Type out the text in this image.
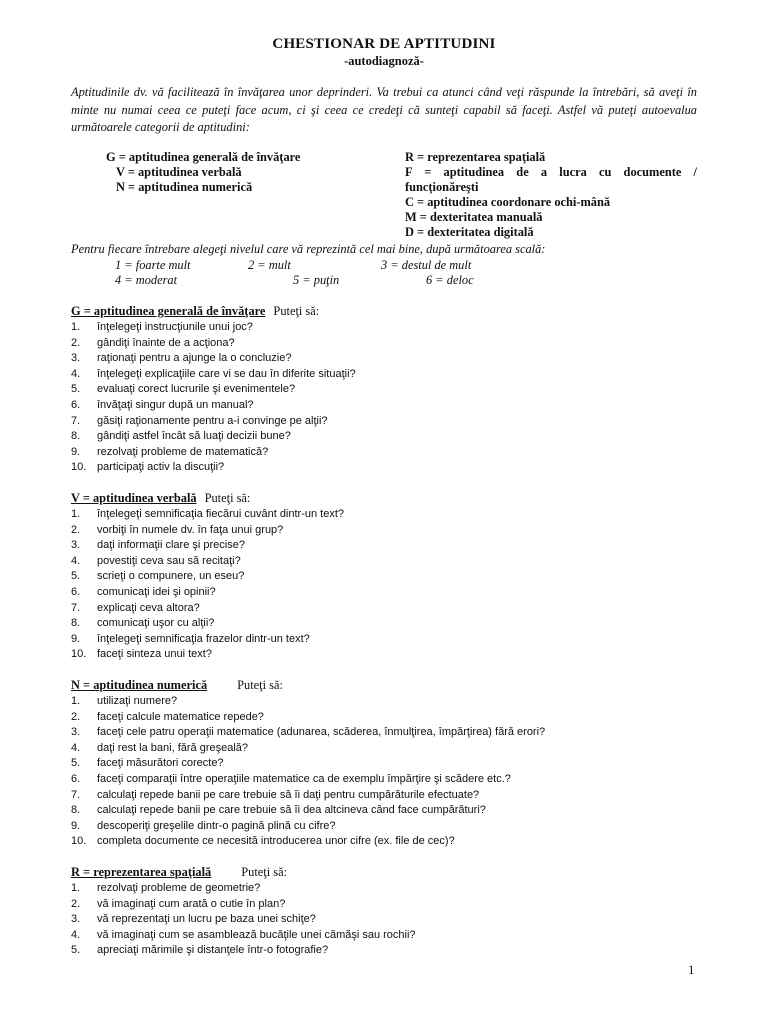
CHESTIONAR DE APTITUDINI
-autodiagnoză-
Aptitudinile dv. vă facilitează în învăţarea unor deprinderi. Va trebui ca atunci când veţi răspunde la întrebări, să aveţi în minte nu numai ceea ce puteţi face acum, ci şi ceea ce credeţi că sunteţi capabil să faceţi. Astfel vă puteţi autoevalua următoarele categorii de aptitudini:
G = aptitudinea generală de învăţare
V = aptitudinea verbală
N = aptitudinea numerică
R = reprezentarea spaţială
F = aptitudinea de a lucra cu documente / funcţionăreşti
C = aptitudinea coordonare ochi-mână
M = dexteritatea manuală
D = dexteritatea digitală
Pentru fiecare întrebare alegeţi nivelul care vă reprezintă cel mai bine, după următoarea scală:
1 = foarte mult	2 = mult	3 = destul de mult
4 = moderat	5 = puţin	6 = deloc
G = aptitudinea generală de învăţare Puteţi să:
1. înţelegeţi instrucţiunile unui joc?
2. gândiţi înainte de a acţiona?
3. raţionaţi pentru a ajunge la o concluzie?
4. înţelegeţi explicaţiile care vi se dau în diferite situaţii?
5. evaluaţi corect lucrurile şi evenimentele?
6. învăţaţi singur după un manual?
7. găsiţi raţionamente pentru a-i convinge pe alţii?
8. gândiţi astfel încât să luaţi decizii bune?
9. rezolvaţi probleme de matematică?
10. participaţi activ la discuţii?
V = aptitudinea verbală Puteţi să:
1. înţelegeţi semnificaţia fiecărui cuvânt dintr-un text?
2. vorbiţi în numele dv. în faţa unui grup?
3. daţi informaţii clare şi precise?
4. povestiţi ceva sau să recitaţi?
5. scrieţi o compunere, un eseu?
6. comunicaţi idei şi opinii?
7. explicaţi ceva altora?
8. comunicaţi uşor cu alţii?
9. înţelegeţi semnificaţia frazelor dintr-un text?
10. faceţi sinteza unui text?
N = aptitudinea numerică Puteţi să:
1. utilizaţi numere?
2. faceţi calcule matematice repede?
3. faceţi cele patru operaţii matematice (adunarea, scăderea, înmulţirea, împărţirea) fără erori?
4. daţi rest la bani, fără greşeală?
5. faceţi măsurători corecte?
6. faceţi comparaţii între operaţiile matematice ca de exemplu împărţire şi scădere etc.?
7. calculaţi repede banii pe care trebuie să îi daţi pentru cumpărăturile efectuate?
8. calculaţi repede banii pe care trebuie să îi dea altcineva când face cumpărături?
9. descoperiţi greşelile dintr-o pagină plină cu cifre?
10. completa documente ce necesită introducerea unor cifre (ex. file de cec)?
R = reprezentarea spaţială Puteţi să:
1. rezolvaţi probleme de geometrie?
2. vă imaginaţi cum arată o cutie în plan?
3. vă reprezentaţi un lucru pe baza unei schiţe?
4. vă imaginaţi cum se asamblează bucăţile unei cămăşi sau rochii?
5. apreciaţi mărimile şi distanţele într-o fotografie?
1
